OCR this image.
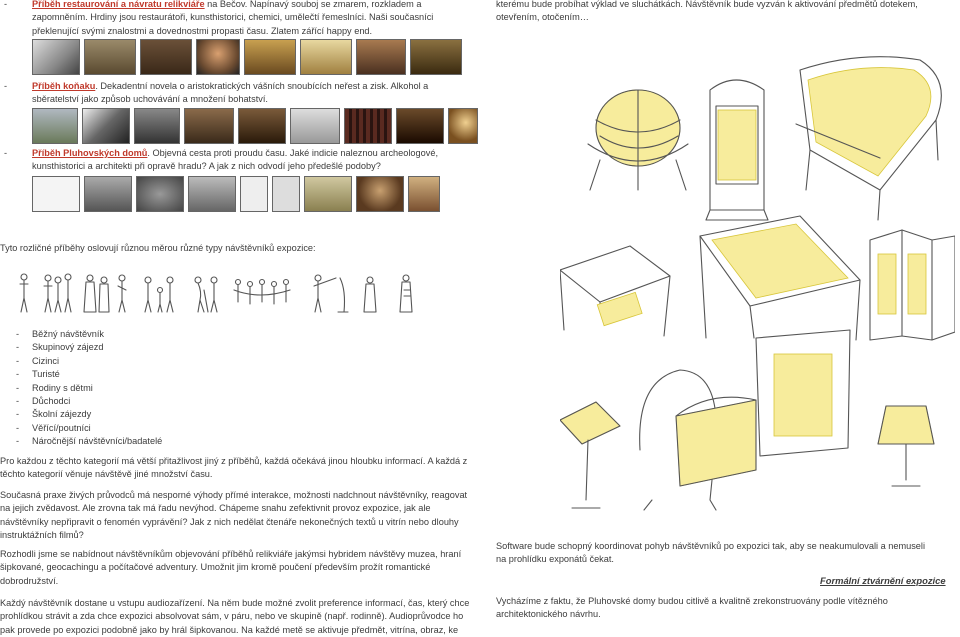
-	Příběh restaurování a návratu relikviáře na Bečov. Napínavý souboj se zmarem, rozkladem a zapomněním. Hrdiny jsou restaurátoři, kunsthistorici, chemici, umělečtí řemeslníci. Naši současníci překlenující svými znalostmi a dovednostmi propasti času. Zlatem zářící happy end.
-	Příběh koňaku. Dekadentní novela o aristokratických vášních snoubících neřest a zisk. Alkohol a sběratelství jako způsob uchovávání a množení bohatství.
-	Příběh Pluhovských domů. Objevná cesta proti proudu času. Jaké indicie naleznou archeologové, kunsthistorici a architekti při opravě hradu? A jak z nich odvodí jeho předešlé podoby?
Tyto rozličné příběhy oslovují různou měrou různé typy návštěvníků expozice:
- Běžný návštěvník
- Skupinový zájezd
- Cizinci
- Turisté
- Rodiny s dětmi
- Důchodci
- Školní zájezdy
- Věřící/poutníci
- Náročnější návštěvníci/badatelé
Pro každou z těchto kategorií má větší přitažlivost jiný z příběhů, každá očekává jinou hloubku informací. A každá z těchto kategorií věnuje návštěvě jiné množství času.
Současná praxe živých průvodců má nesporné výhody přímé interakce, možnosti nadchnout návštěvníky, reagovat na jejich zvědavost. Ale zrovna tak má řadu nevýhod. Chápeme snahu zefektivnit provoz expozice, jak ale návštěvníky nepřipravit o fenomén vyprávění? Jak z nich nedělat čtenáře nekonečných textů u vitrín nebo dlouhy instruktážních filmů?
Rozhodli jsme se nabídnout návštěvníkům objevování příběhů relikviáře jakýmsi hybridem návštěvy muzea, hraní šipkované, geocachingu a počítačové adventury. Umožnit jim kromě poučení především prožít romantické dobrodružství.
Každý návštěvník dostane u vstupu audiozařízení. Na něm bude možné zvolit preference informací, čas, který chce prohlídkou strávit a zda chce expozici absolvovat sám, v páru, nebo ve skupině (např. rodinně). Audioprůvodce ho pak provede po expozici podobně jako by hrál šipkovanou. Na každé metě se aktivuje předmět, vitrína, obraz, ke
kterému bude probíhat výklad ve sluchátkách. Návštěvník bude vyzván k aktivování předmětů dotekem, otevřením, otočením…
Software bude schopný koordinovat pohyb návštěvníků po expozici tak, aby se neakumulovali a nemuseli na prohlídku exponátů čekat.
Formální ztvárnění expozice
Vycházíme z faktu, že Pluhovské domy budou citlivě a kvalitně zrekonstruovány podle vítězného architektonického návrhu.
